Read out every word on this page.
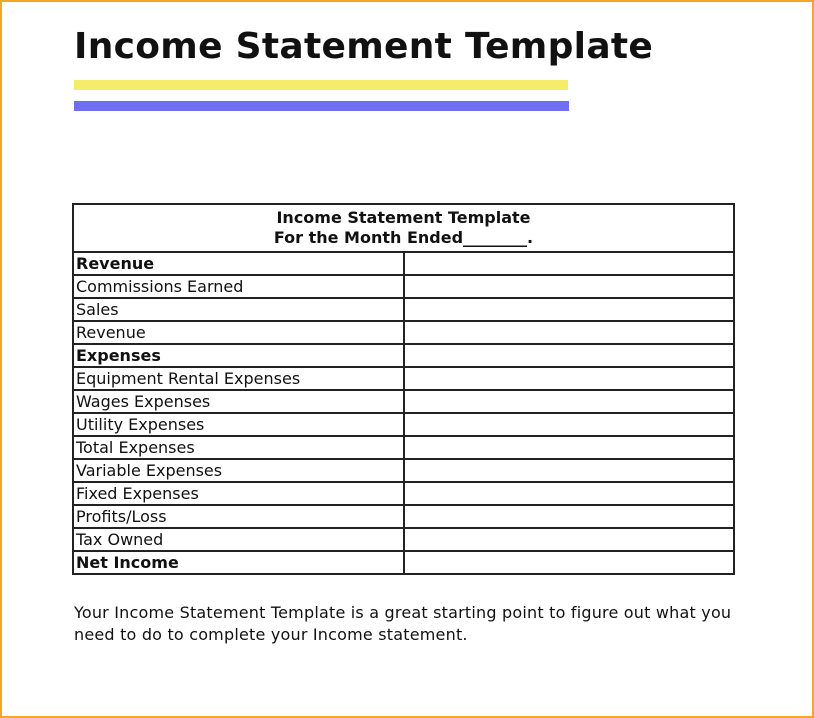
Income Statement Template
Income Statement Template
For the Month Ended________.	

Revenue	
Commissions Earned	
Sales	
Revenue	
Expenses	
Equipment Rental Expenses	
Wages Expenses	
Utility Expenses	
Total Expenses	
Variable Expenses	
Fixed Expenses	
Profits/Loss	
Tax Owned	
Net Income	

Your Income Statement Template is a great starting point to figure out what you need to do to complete your Income statement.
